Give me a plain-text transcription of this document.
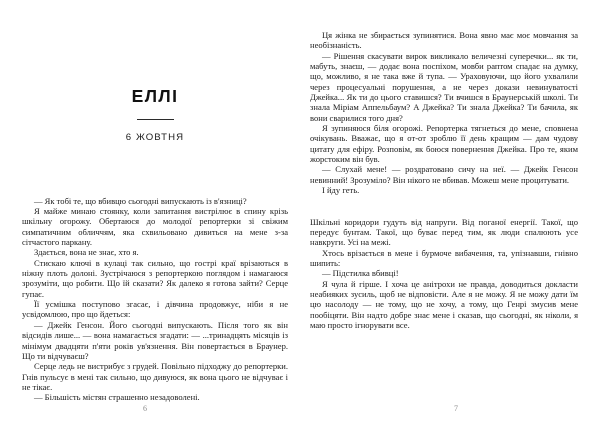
ЕЛЛІ
6 ЖОВТНЯ

— Як тобі те, що вбивцю сьогодні випускають із в'язниці?

Я майже минаю стоянку, коли запитання вистрілює в спину крізь шкільну огорожу. Обертаюся до молодої репортерки зі свіжим симпатичним обличчям, яка схвильовано дивиться на мене з-за сітчастого паркану.

Здається, вона не знає, хто я.

Стискаю ключі в кулаці так сильно, що гострі краї врізаються в ніжну плоть долоні. Зустрічаюся з репортеркою поглядом і намагаюся зрозуміти, що робити. Що їй сказати? Як далеко я готова зайти? Серце гупає.

Її усмішка поступово згасає, і дівчина продовжує, ніби я не усвідомлюю, про що йдеться:

— Джейк Генсон. Його сьогодні випускають. Після того як він відсидів лише... — вона намагається згадати: — ...тринадцять місяців із мінімум двадцяти п'яти років ув'язнення. Він повертається в Браунер. Що ти відчуваєш?

Серце ледь не вистрибує з грудей. Повільно підходжу до репортерки. Гнів пульсує в мені так сильно, що дивуюся, як вона цього не відчуває і не тікає.

— Більшість містян страшенно незадоволені.

6

Ця жінка не збирається зупинятися. Вона явно має моє мовчання за необізнаність.

— Рішення скасувати вирок викликало величезні суперечки... як ти, мабуть, знаєш, — додає вона поспіхом, мовби раптом спадає на думку, що, можливо, я не така вже й тупа. — Ураховуючи, що його ухвалили через процесуальні порушення, а не через докази невинуватості Джейка... Як ти до цього ставишся? Ти вчишся в Браунерській школі. Ти знала Міріам Аппельбаум? А Джейка? Ти знала Джейка? Ти бачила, як вони сварилися того дня?

Я зупиняюся біля огорожі. Репортерка тягнеться до мене, сповнена очікувань. Вважає, що я от-от зроблю її день кращим — дам чудову цитату для ефіру. Розповім, як боюся повернення Джейка. Про те, яким жорстоким він був.

— Слухай мене! — роздратовано сичу на неї. — Джейк Генсон невинний! Зрозуміло? Він нікого не вбивав. Можеш мене процитувати.

І йду геть.

Шкільні коридори гудуть від напруги. Від поганої енергії. Такої, що передує бунтам. Такої, що буває перед тим, як люди спалюють усе навкруги. Усі на межі.

Хтось врізається в мене і бурмоче вибачення, та, упізнавши, гнівно шипить:

— Підстилка вбивці!

Я чула й гірше. І хоча це анітрохи не правда, доводиться докласти неабияких зусиль, щоб не відповісти. Але я не можу. Я не можу дати їм цю насолоду — не тому, що не хочу, а тому, що Генрі змусив мене пообіцяти. Він надто добре знає мене і сказав, що сьогодні, як ніколи, я маю просто ігнорувати все.

7
